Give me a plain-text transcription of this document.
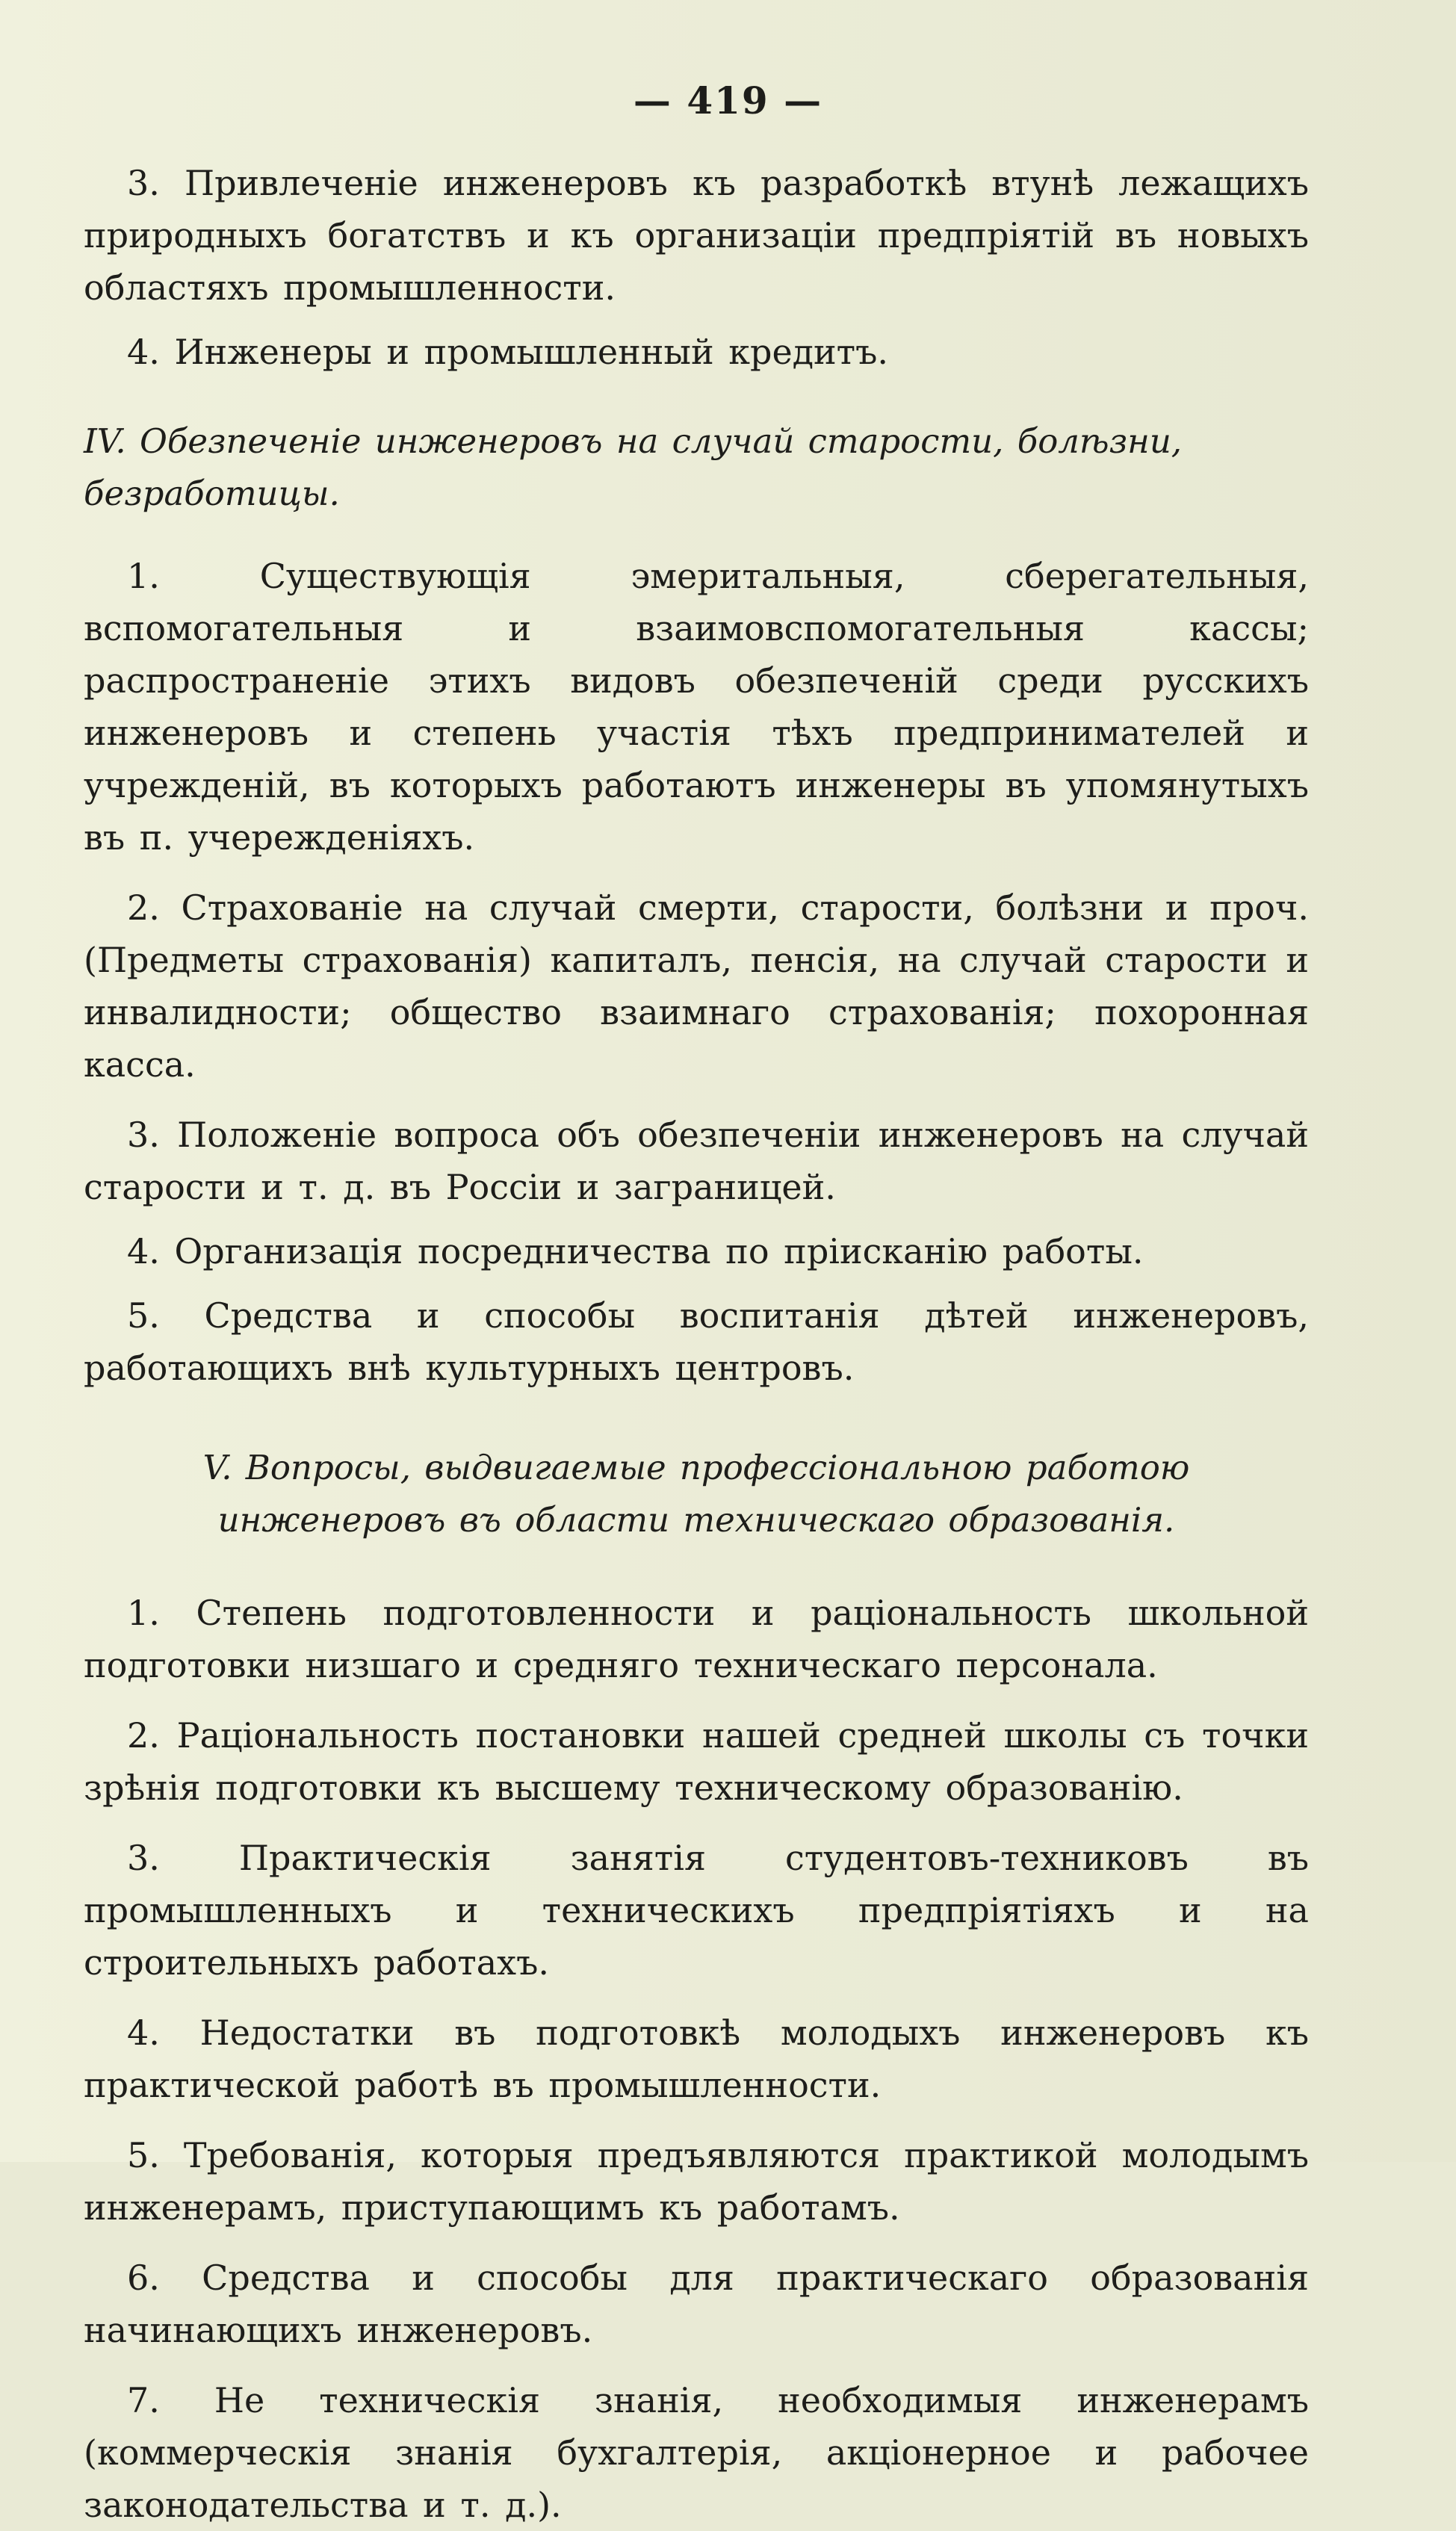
— 419 —

3. Привлеченіе инженеровъ къ разработкѣ втунѣ лежащихъ природныхъ богатствъ и къ организаціи предпріятій въ новыхъ областяхъ промышленности.

4. Инженеры и промышленный кредитъ.

IV. Обезпеченіе инженеровъ на случай старости, болѣзни, безработицы.

1. Существующія эмеритальныя, сберегательныя, вспомогательныя и взаимовспомогательныя кассы; распространеніе этихъ видовъ обезпеченій среди русскихъ инженеровъ и степень участія тѣхъ предпринимателей и учрежденій, въ которыхъ работаютъ инженеры въ упомянутыхъ въ п. учережденіяхъ.

2. Страхованіе на случай смерти, старости, болѣзни и проч. (Предметы страхованія) капиталъ, пенсія, на случай старости и инвалидности; общество взаимнаго страхованія; похоронная касса.

3. Положеніе вопроса объ обезпеченіи инженеровъ на случай старости и т. д. въ Россіи и заграницей.

4. Организація посредничества по пріисканію работы.

5. Средства и способы воспитанія дѣтей инженеровъ, работающихъ внѣ культурныхъ центровъ.

V. Вопросы, выдвигаемые профессіональною работою инженеровъ въ области техническаго образованія.

1. Степень подготовленности и раціональность школьной подготовки низшаго и средняго техническаго персонала.

2. Раціональность постановки нашей средней школы съ точки зрѣнія подготовки къ высшему техническому образованію.

3. Практическія занятія студентовъ-техниковъ въ промышленныхъ и техническихъ предпріятіяхъ и на строительныхъ работахъ.

4. Недостатки въ подготовкѣ молодыхъ инженеровъ къ практической работѣ въ промышленности.

5. Требованія, которыя предъявляются практикой молодымъ инженерамъ, приступающимъ къ работамъ.

6. Средства и способы для практическаго образованія начинающихъ инженеровъ.

7. Не техническія знанія, необходимыя инженерамъ (коммерческія знанія бухгалтерія, акціонерное и рабочее законодательства и т. д.).
